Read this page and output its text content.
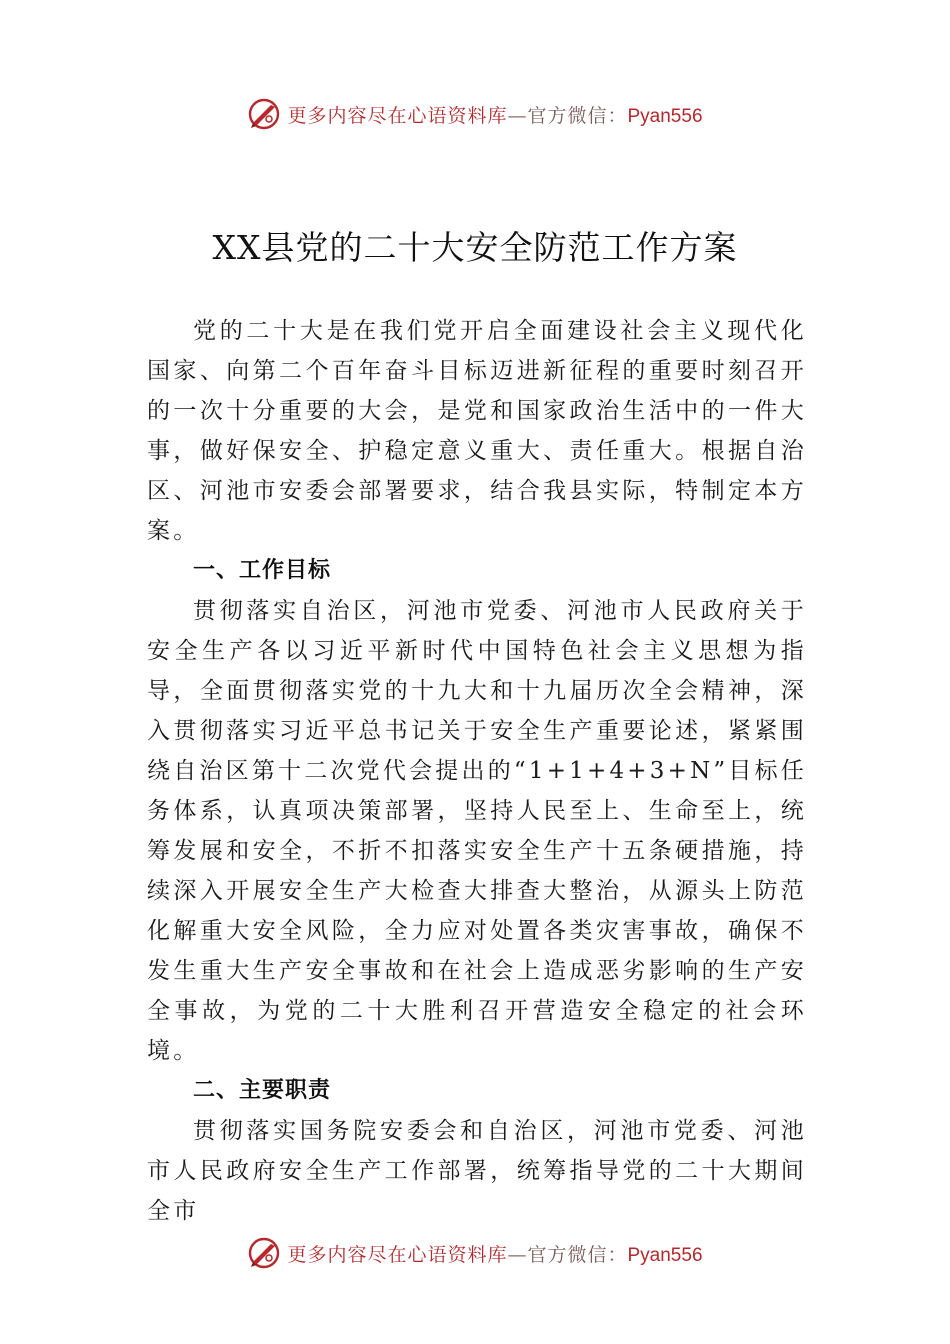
更多内容尽在心语资料库—官方微信：Pyan556
XX县党的二十大安全防范工作方案

党的二十大是在我们党开启全面建设社会主义现代化国家、向第二个百年奋斗目标迈进新征程的重要时刻召开的一次十分重要的大会，是党和国家政治生活中的一件大事，做好保安全、护稳定意义重大、责任重大。根据自治区、河池市安委会部署要求，结合我县实际，特制定本方案。

一、工作目标

贯彻落实自治区，河池市党委、河池市人民政府关于安全生产各以习近平新时代中国特色社会主义思想为指导，全面贯彻落实党的十九大和十九届历次全会精神，深入贯彻落实习近平总书记关于安全生产重要论述，紧紧围绕自治区第十二次党代会提出的“1+1+4+3+N”目标任务体系，认真项决策部署，坚持人民至上、生命至上，统筹发展和安全，不折不扣落实安全生产十五条硬措施，持续深入开展安全生产大检查大排查大整治，从源头上防范化解重大安全风险，全力应对处置各类灾害事故，确保不发生重大生产安全事故和在社会上造成恶劣影响的生产安全事故，为党的二十大胜利召开营造安全稳定的社会环境。

二、主要职责

贯彻落实国务院安委会和自治区，河池市党委、河池市人民政府安全生产工作部署，统筹指导党的二十大期间全市

更多内容尽在心语资料库—官方微信：Pyan556
